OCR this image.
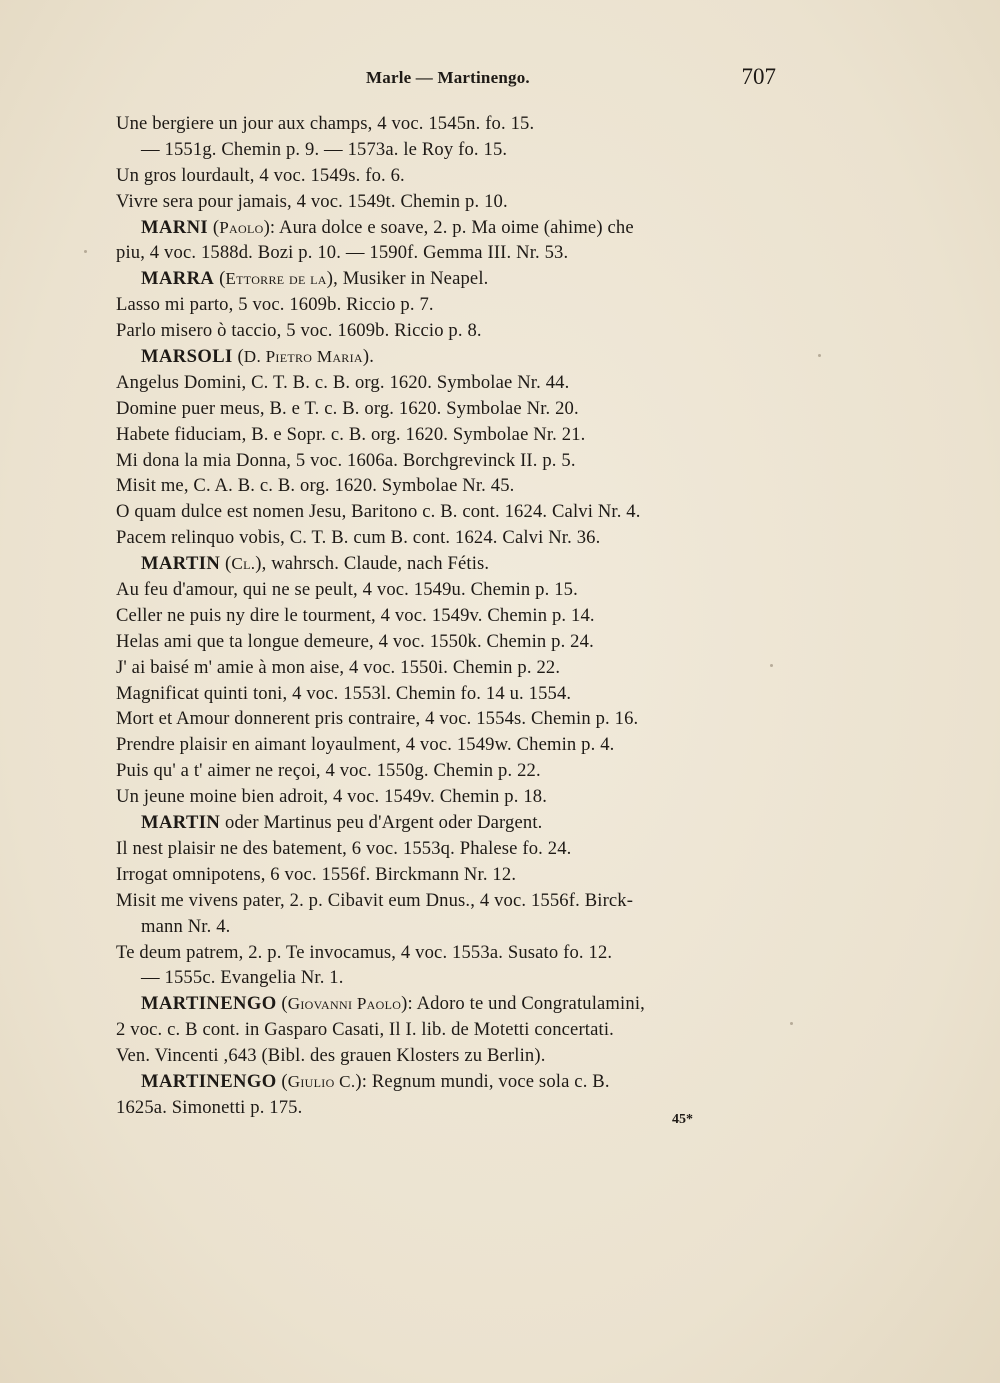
Marle — Martinengo.	707
Une bergiere un jour aux champs, 4 voc. 1545n. fo. 15.
— 1551g. Chemin p. 9. — 1573a. le Roy fo. 15.
Un gros lourdault, 4 voc. 1549s. fo. 6.
Vivre sera pour jamais, 4 voc. 1549t. Chemin p. 10.
MARNI (Paolo): Aura dolce e soave, 2. p. Ma oime (ahime) che
piu, 4 voc. 1588d. Bozi p. 10. — 1590f. Gemma III. Nr. 53.
MARRA (Ettorre de la), Musiker in Neapel.
Lasso mi parto, 5 voc. 1609b. Riccio p. 7.
Parlo misero ò taccio, 5 voc. 1609b. Riccio p. 8.
MARSOLI (D. Pietro Maria).
Angelus Domini, C. T. B. c. B. org. 1620. Symbolae Nr. 44.
Domine puer meus, B. e T. c. B. org. 1620. Symbolae Nr. 20.
Habete fiduciam, B. e Sopr. c. B. org. 1620. Symbolae Nr. 21.
Mi dona la mia Donna, 5 voc. 1606a. Borchgrevinck II. p. 5.
Misit me, C. A. B. c. B. org. 1620. Symbolae Nr. 45.
O quam dulce est nomen Jesu, Baritono c. B. cont. 1624. Calvi Nr. 4.
Pacem relinquo vobis, C. T. B. cum B. cont. 1624. Calvi Nr. 36.
MARTIN (Cl.), wahrsch. Claude, nach Fétis.
Au feu d'amour, qui ne se peult, 4 voc. 1549u. Chemin p. 15.
Celler ne puis ny dire le tourment, 4 voc. 1549v. Chemin p. 14.
Helas ami que ta longue demeure, 4 voc. 1550k. Chemin p. 24.
J' ai baisé m' amie à mon aise, 4 voc. 1550i. Chemin p. 22.
Magnificat quinti toni, 4 voc. 1553l. Chemin fo. 14 u. 1554.
Mort et Amour donnerent pris contraire, 4 voc. 1554s. Chemin p. 16.
Prendre plaisir en aimant loyaulment, 4 voc. 1549w. Chemin p. 4.
Puis qu' a t' aimer ne reçoi, 4 voc. 1550g. Chemin p. 22.
Un jeune moine bien adroit, 4 voc. 1549v. Chemin p. 18.
MARTIN oder Martinus peu d'Argent oder Dargent.
Il nest plaisir ne des batement, 6 voc. 1553q. Phalese fo. 24.
Irrogat omnipotens, 6 voc. 1556f. Birckmann Nr. 12.
Misit me vivens pater, 2. p. Cibavit eum Dnus., 4 voc. 1556f. Birck-
mann Nr. 4.
Te deum patrem, 2. p. Te invocamus, 4 voc. 1553a. Susato fo. 12.
— 1555c. Evangelia Nr. 1.
MARTINENGO (Giovanni Paolo): Adoro te und Congratulamini,
2 voc. c. B cont. in Gasparo Casati, Il I. lib. de Motetti concertati.
Ven. Vincenti ,643 (Bibl. des grauen Klosters zu Berlin).
MARTINENGO (Giulio C.): Regnum mundi, voce sola c. B.
1625a. Simonetti p. 175.
45*
